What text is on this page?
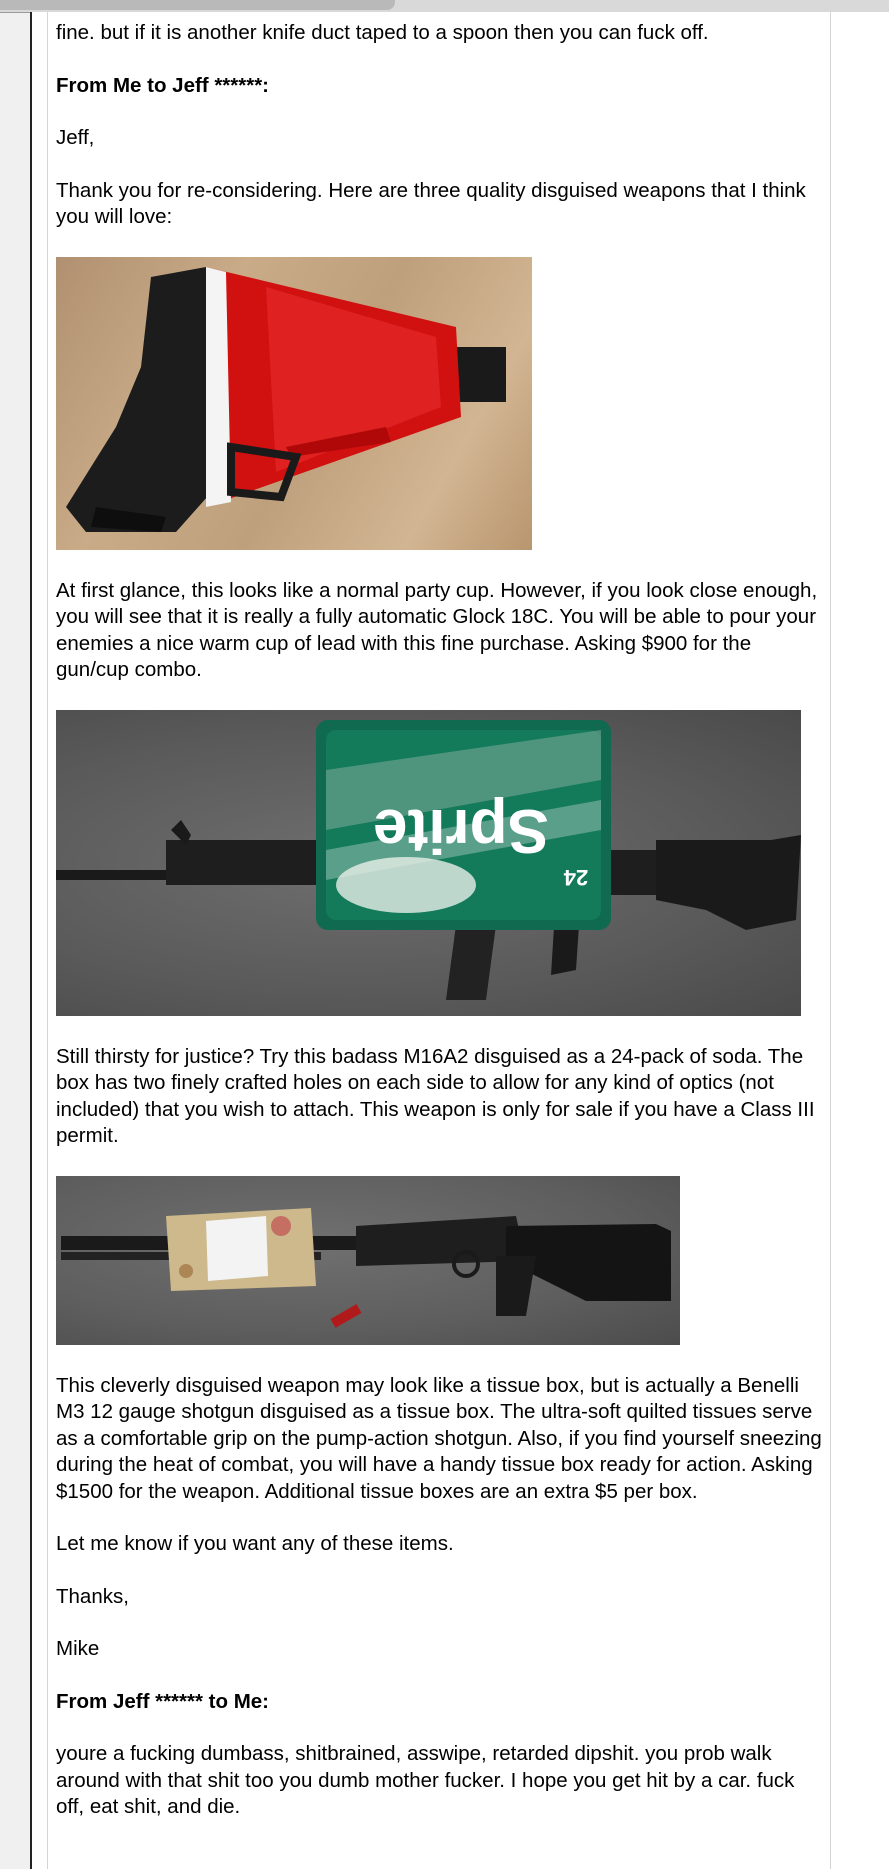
fine. but if it is another knife duct taped to a spoon then you can fuck off.

From Me to Jeff ******:

Jeff,

Thank you for re-considering. Here are three quality disguised weapons that I think you will love:

At first glance, this looks like a normal party cup. However, if you look close enough, you will see that it is really a fully automatic Glock 18C. You will be able to pour your enemies a nice warm cup of lead with this fine purchase. Asking $900 for the gun/cup combo.

Sprite
24

Still thirsty for justice? Try this badass M16A2 disguised as a 24-pack of soda. The box has two finely crafted holes on each side to allow for any kind of optics (not included) that you wish to attach. This weapon is only for sale if you have a Class III permit.

This cleverly disguised weapon may look like a tissue box, but is actually a Benelli M3 12 gauge shotgun disguised as a tissue box. The ultra-soft quilted tissues serve as a comfortable grip on the pump-action shotgun. Also, if you find yourself sneezing during the heat of combat, you will have a handy tissue box ready for action. Asking $1500 for the weapon. Additional tissue boxes are an extra $5 per box.

Let me know if you want any of these items.

Thanks,

Mike

From Jeff ****** to Me:

youre a fucking dumbass, shitbrained, asswipe, retarded dipshit. you prob walk around with that shit too you dumb mother fucker. I hope you get hit by a car. fuck off, eat shit, and die.
